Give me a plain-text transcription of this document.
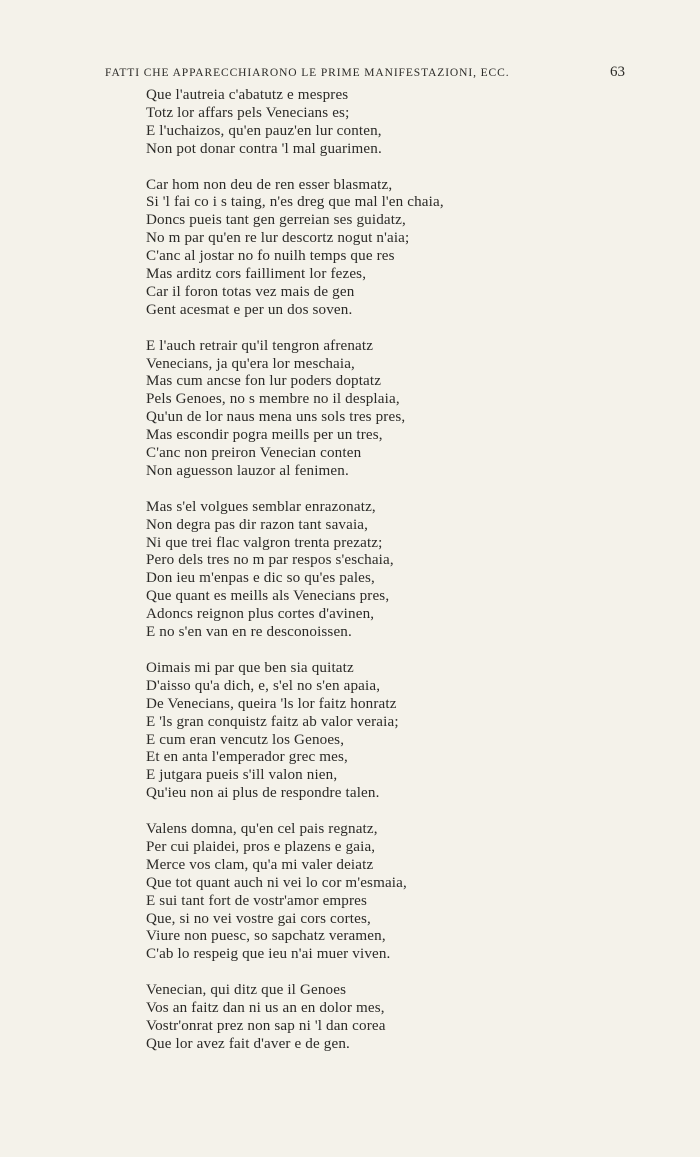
FATTI CHE APPARECCHIARONO LE PRIME MANIFESTAZIONI, ECC.	63
Que l'autreia c'abatutz e mespres
Totz lor affars pels Venecians es;
E l'uchaizos, qu'en pauz'en lur conten,
Non pot donar contra 'l mal guarimen.
Car hom non deu de ren esser blasmatz,
Si 'l fai co i s taing, n'es dreg que mal l'en chaia,
Doncs pueis tant gen gerreian ses guidatz,
No m par qu'en re lur descortz nogut n'aia;
C'anc al jostar no fo nuilh temps que res
Mas arditz cors failliment lor fezes,
Car il foron totas vez mais de gen
Gent acesmat e per un dos soven.
E l'auch retrair qu'il tengron afrenatz
Venecians, ja qu'era lor meschaia,
Mas cum ancse fon lur poders doptatz
Pels Genoes, no s membre no il desplaia,
Qu'un de lor naus mena uns sols tres pres,
Mas escondir pogra meills per un tres,
C'anc non preiron Venecian conten
Non aguesson lauzor al fenimen.
Mas s'el volgues semblar enrazonatz,
Non degra pas dir razon tant savaia,
Ni que trei flac valgron trenta prezatz;
Pero dels tres no m par respos s'eschaia,
Don ieu m'enpas e dic so qu'es pales,
Que quant es meills als Venecians pres,
Adoncs reignon plus cortes d'avinen,
E no s'en van en re desconoissen.
Oimais mi par que ben sia quitatz
D'aisso qu'a dich, e, s'el no s'en apaia,
De Venecians, queira 'ls lor faitz honratz
E 'ls gran conquistz faitz ab valor veraia;
E cum eran vencutz los Genoes,
Et en anta l'emperador grec mes,
E jutgara pueis s'ill valon nien,
Qu'ieu non ai plus de respondre talen.
Valens domna, qu'en cel pais regnatz,
Per cui plaidei, pros e plazens e gaia,
Merce vos clam, qu'a mi valer deiatz
Que tot quant auch ni vei lo cor m'esmaia,
E sui tant fort de vostr'amor empres
Que, si no vei vostre gai cors cortes,
Viure non puesc, so sapchatz veramen,
C'ab lo respeig que ieu n'ai muer viven.
Venecian, qui ditz que il Genoes
Vos an faitz dan ni us an en dolor mes,
Vostr'onrat prez non sap ni 'l dan corea
Que lor avez fait d'aver e de gen.
